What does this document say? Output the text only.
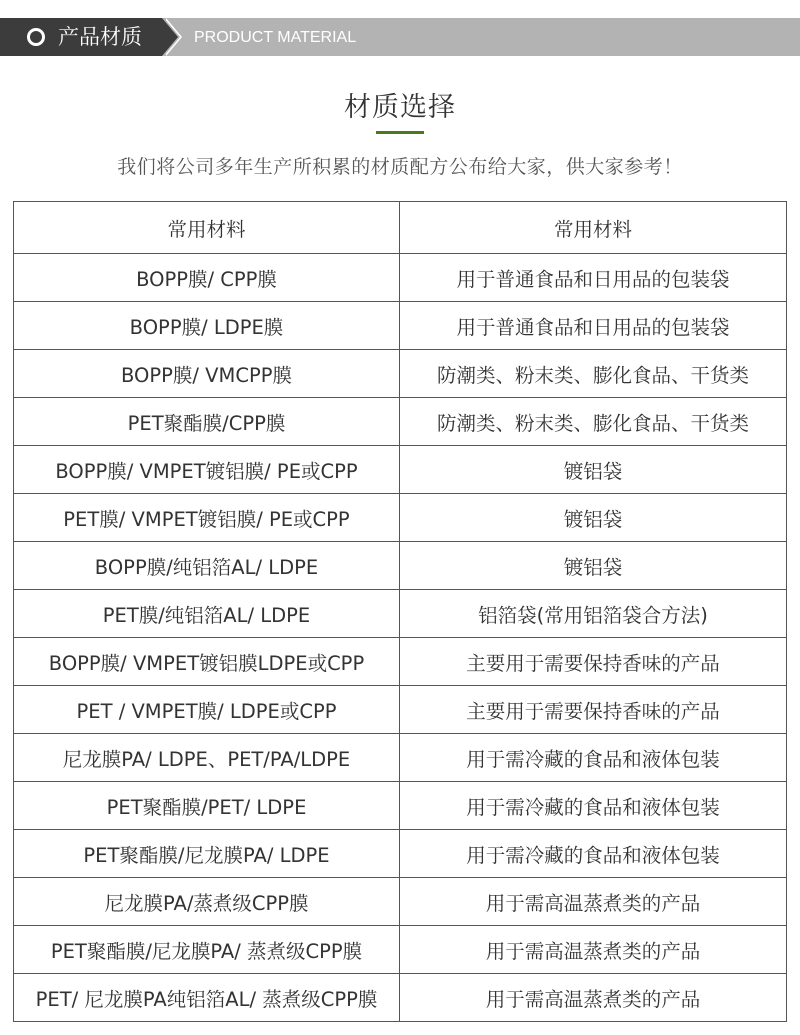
产品材质	PRODUCT MATERIAL
材质选择
我们将公司多年生产所积累的材质配方公布给大家，供大家参考！
常用材料	常用材料
BOPP膜/ CPP膜	用于普通食品和日用品的包装袋
BOPP膜/ LDPE膜	用于普通食品和日用品的包装袋
BOPP膜/ VMCPP膜	防潮类、粉末类、膨化食品、干货类
PET聚酯膜/CPP膜	防潮类、粉末类、膨化食品、干货类
BOPP膜/ VMPET镀铝膜/ PE或CPP	镀铝袋
PET膜/ VMPET镀铝膜/ PE或CPP	镀铝袋
BOPP膜/纯铝箔AL/ LDPE	镀铝袋
PET膜/纯铝箔AL/ LDPE	铝箔袋(常用铝箔袋合方法)
BOPP膜/ VMPET镀铝膜LDPE或CPP	主要用于需要保持香味的产品
PET / VMPET膜/ LDPE或CPP	主要用于需要保持香味的产品
尼龙膜PA/ LDPE、PET/PA/LDPE	用于需冷藏的食品和液体包装
PET聚酯膜/PET/ LDPE	用于需冷藏的食品和液体包装
PET聚酯膜/尼龙膜PA/ LDPE	用于需冷藏的食品和液体包装
尼龙膜PA/蒸煮级CPP膜	用于需高温蒸煮类的产品
PET聚酯膜/尼龙膜PA/ 蒸煮级CPP膜	用于需高温蒸煮类的产品
PET/ 尼龙膜PA纯铝箔AL/ 蒸煮级CPP膜	用于需高温蒸煮类的产品
